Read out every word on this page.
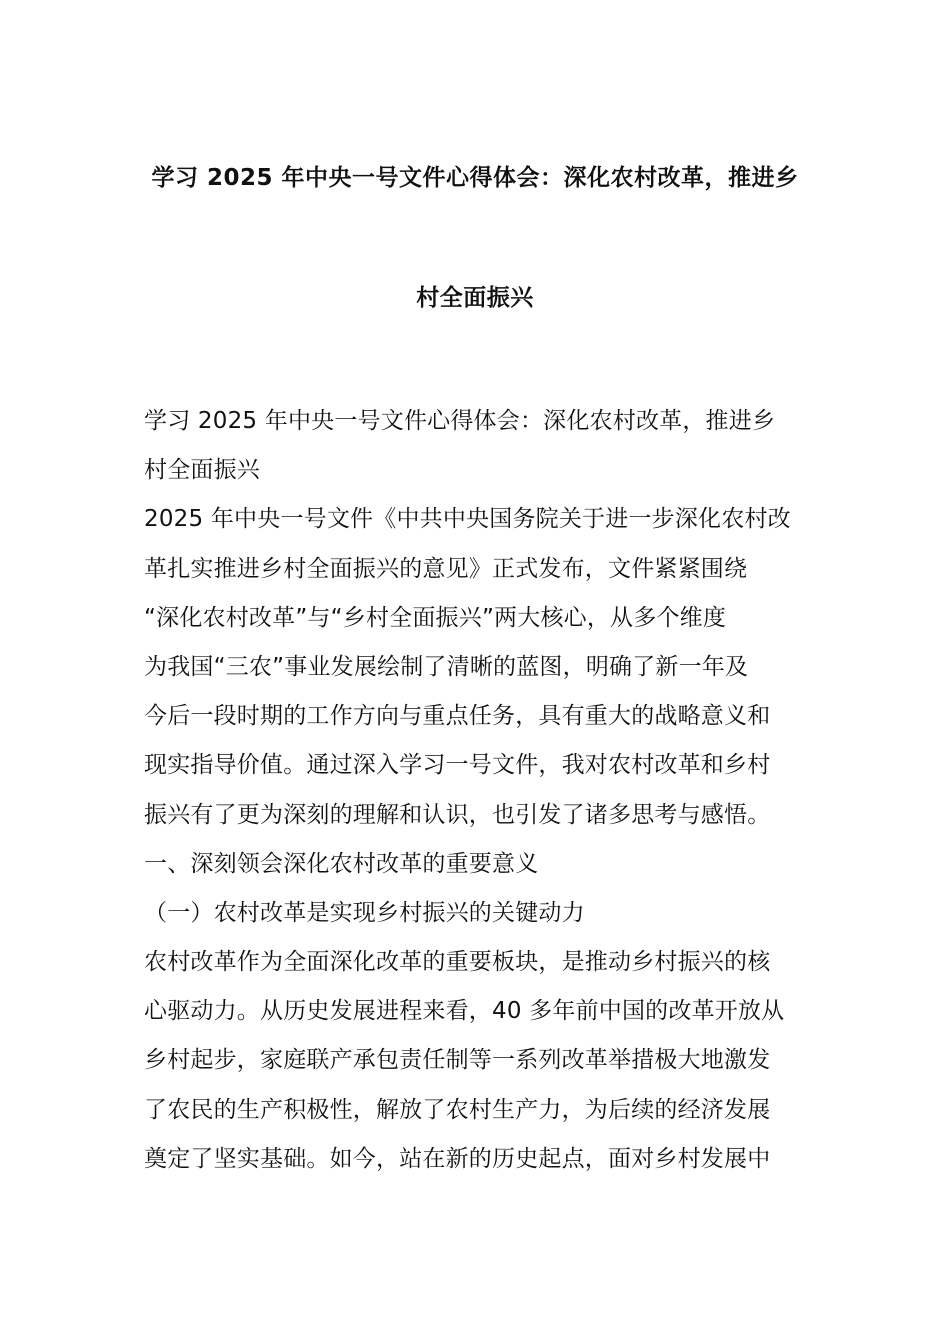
学习 2025 年中央一号文件心得体会：深化农村改革，推进乡
村全面振兴
学习 2025 年中央一号文件心得体会：深化农村改革，推进乡
村全面振兴
2025 年中央一号文件《中共中央国务院关于进一步深化农村改
革扎实推进乡村全面振兴的意见》正式发布，文件紧紧围绕
“深化农村改革”与“乡村全面振兴”两大核心，从多个维度
为我国“三农”事业发展绘制了清晰的蓝图，明确了新一年及
今后一段时期的工作方向与重点任务，具有重大的战略意义和
现实指导价值。通过深入学习一号文件，我对农村改革和乡村
振兴有了更为深刻的理解和认识，也引发了诸多思考与感悟。
一、深刻领会深化农村改革的重要意义
（一）农村改革是实现乡村振兴的关键动力
农村改革作为全面深化改革的重要板块，是推动乡村振兴的核
心驱动力。从历史发展进程来看，40 多年前中国的改革开放从
乡村起步，家庭联产承包责任制等一系列改革举措极大地激发
了农民的生产积极性，解放了农村生产力，为后续的经济发展
奠定了坚实基础。如今，站在新的历史起点，面对乡村发展中
